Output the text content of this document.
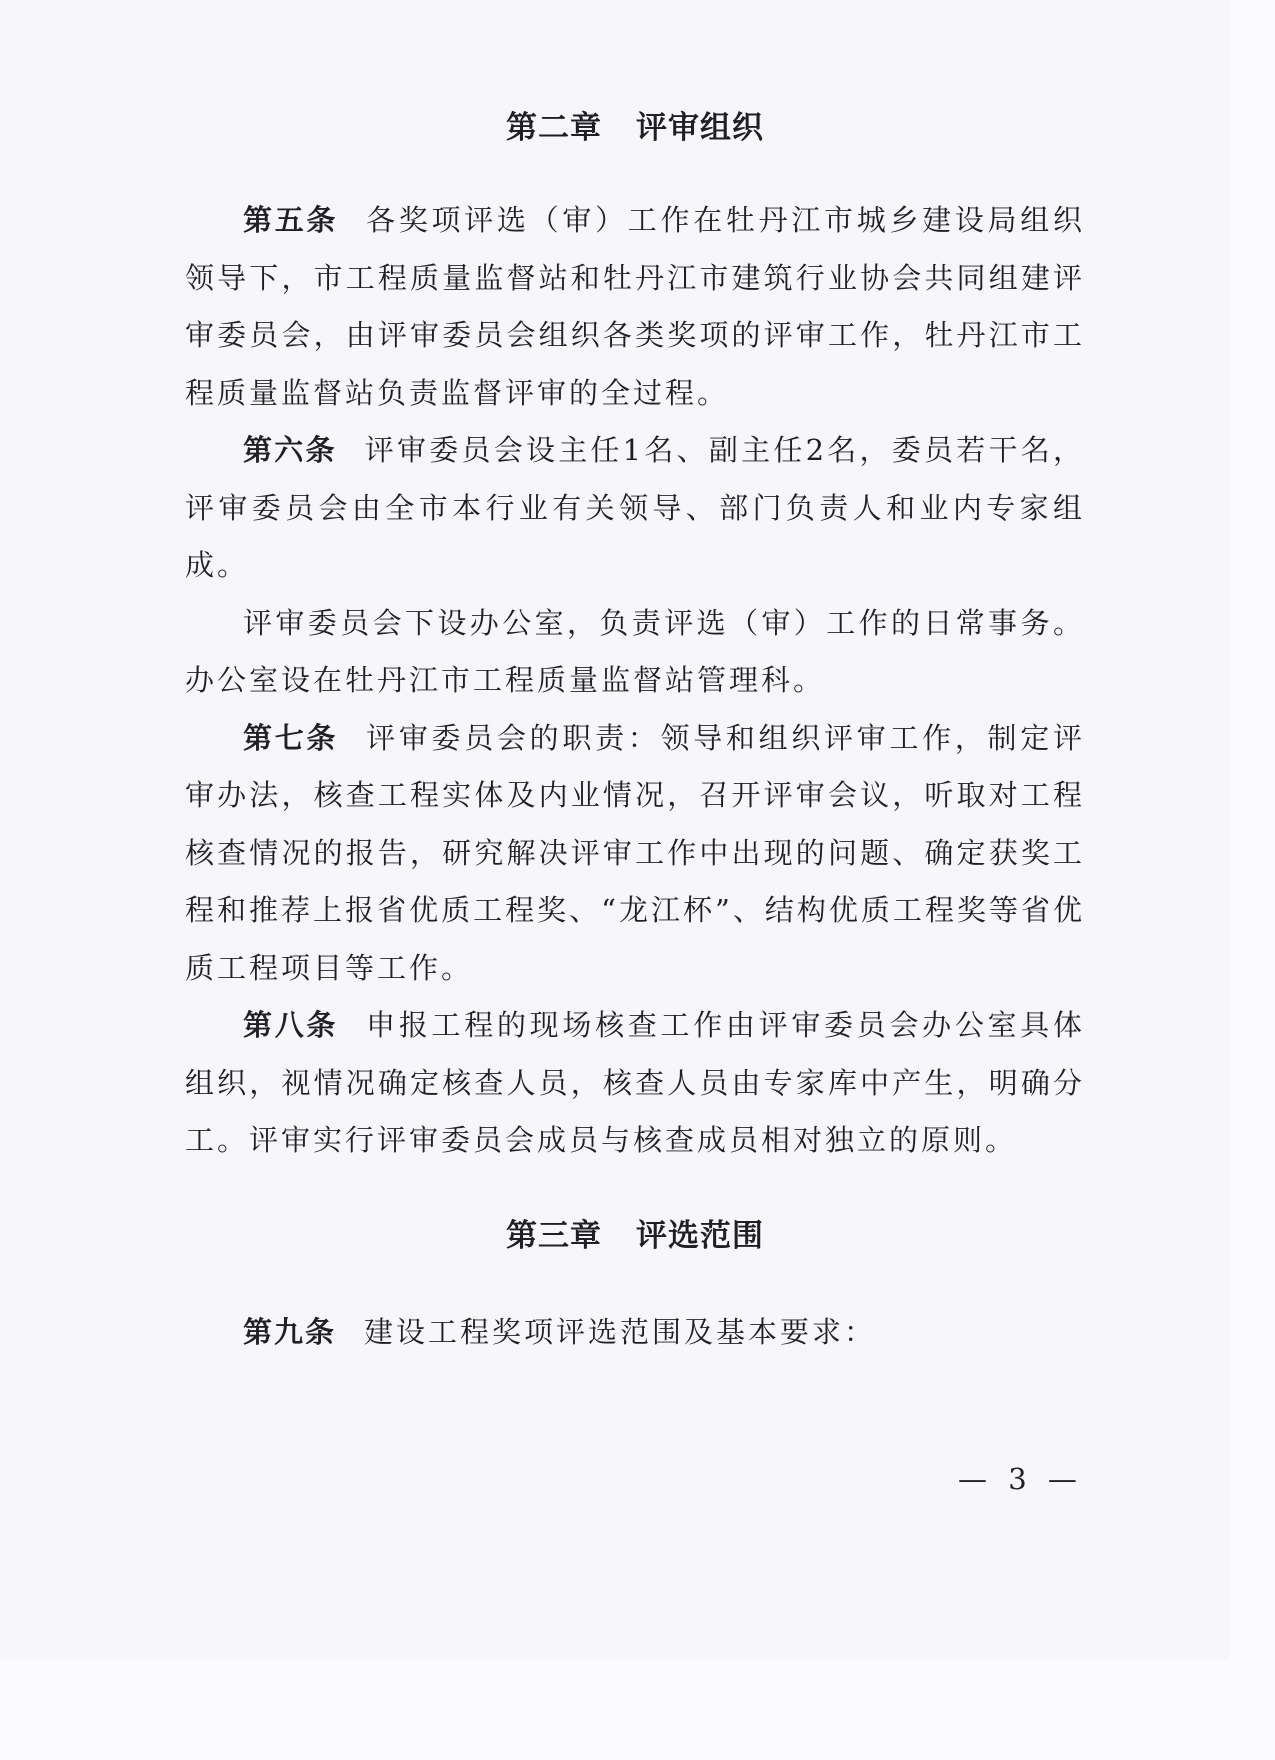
第二章 评审组织

第五条 各奖项评选（审）工作在牡丹江市城乡建设局组织领导下，市工程质量监督站和牡丹江市建筑行业协会共同组建评审委员会，由评审委员会组织各类奖项的评审工作，牡丹江市工程质量监督站负责监督评审的全过程。

第六条 评审委员会设主任1名、副主任2名，委员若干名，评审委员会由全市本行业有关领导、部门负责人和业内专家组成。

评审委员会下设办公室，负责评选（审）工作的日常事务。办公室设在牡丹江市工程质量监督站管理科。

第七条 评审委员会的职责：领导和组织评审工作，制定评审办法，核查工程实体及内业情况，召开评审会议，听取对工程核查情况的报告，研究解决评审工作中出现的问题、确定获奖工程和推荐上报省优质工程奖、“龙江杯”、结构优质工程奖等省优质工程项目等工作。

第八条 申报工程的现场核查工作由评审委员会办公室具体组织，视情况确定核查人员，核查人员由专家库中产生，明确分工。评审实行评审委员会成员与核查成员相对独立的原则。

第三章 评选范围

第九条 建设工程奖项评选范围及基本要求：

— 3 —
